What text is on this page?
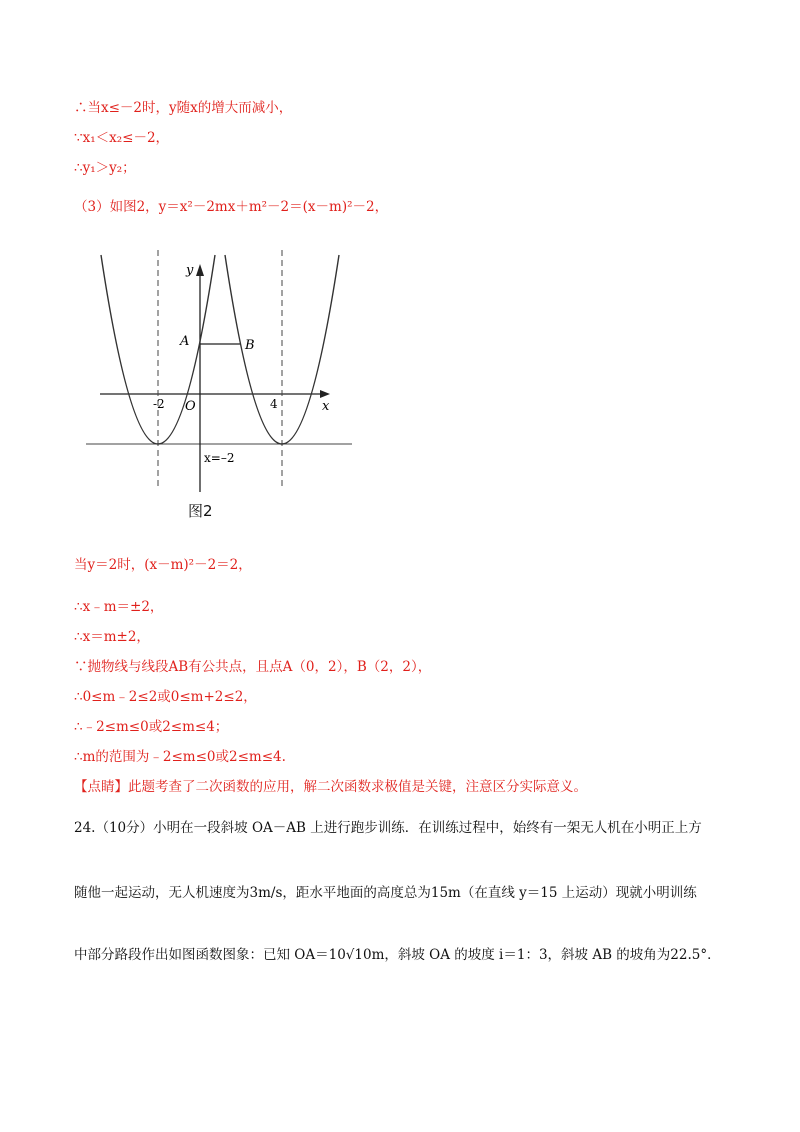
∴当x≤－2时，y随x的增大而减小，
∵x₁＜x₂≤－2，
∴y₁＞y₂；
（3）如图2，y＝x²－2mx＋m²－2＝(x－m)²－2，
y
x
O
A	B
-2	4
x=–2
图2
当y＝2时，(x－m)²－2＝2，
∴x﹣m＝±2，
∴x＝m±2，
∵抛物线与线段AB有公共点，且点A（0，2），B（2，2），
∴0≤m﹣2≤2或0≤m+2≤2，
∴﹣2≤m≤0或2≤m≤4；
∴m的范围为﹣2≤m≤0或2≤m≤4.
【点睛】此题考查了二次函数的应用，解二次函数求极值是关键，注意区分实际意义。
24.（10分）小明在一段斜坡 OA－AB 上进行跑步训练．在训练过程中，始终有一架无人机在小明正上方
随他一起运动，无人机速度为3m/s，距水平地面的高度总为15m（在直线 y＝15 上运动）现就小明训练
中部分路段作出如图函数图象：已知 OA＝10√10m，斜坡 OA 的坡度 i＝1：3，斜坡 AB 的坡角为22.5°．
